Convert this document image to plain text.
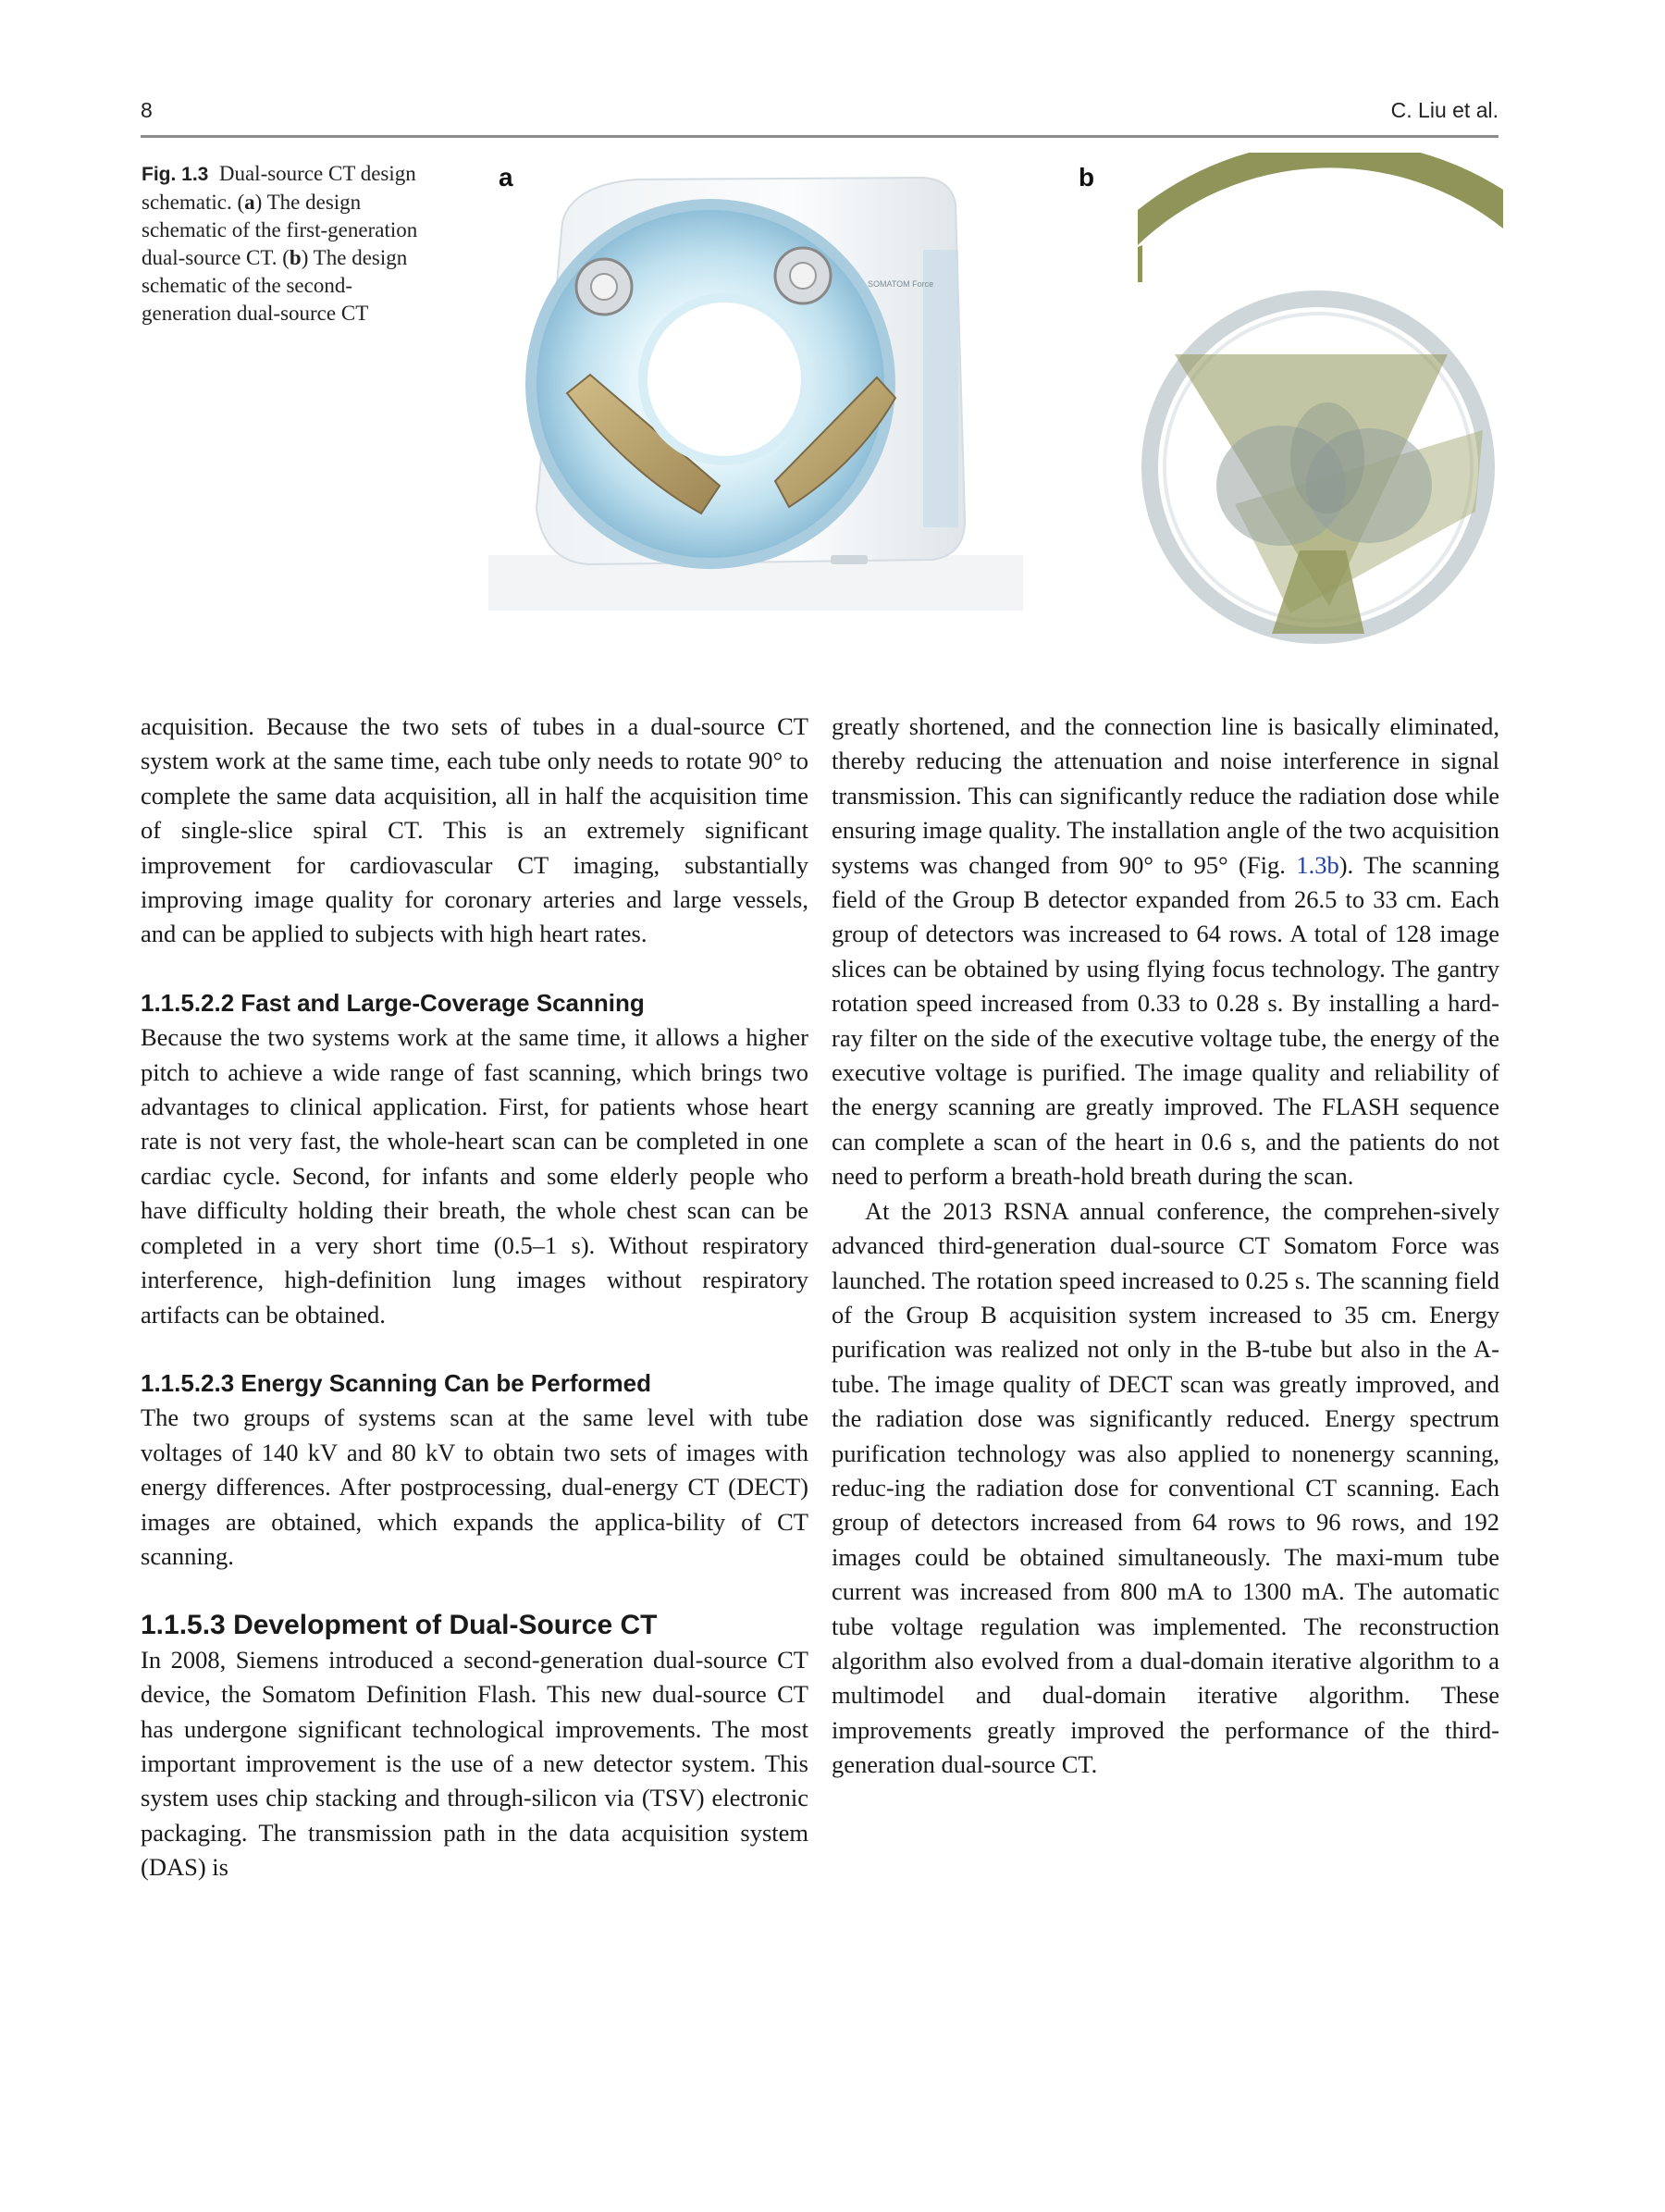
8	C. Liu et al.
Fig. 1.3 Dual-source CT design schematic. (a) The design schematic of the first-generation dual-source CT. (b) The design schematic of the second-generation dual-source CT
a	b
SOMATOM Force
95°

acquisition. Because the two sets of tubes in a dual-source CT system work at the same time, each tube only needs to rotate 90° to complete the same data acquisition, all in half the acquisition time of single-slice spiral CT. This is an extremely significant improvement for cardiovascular CT imaging, substantially improving image quality for coronary arteries and large vessels, and can be applied to subjects with high heart rates.

1.1.5.2.2 Fast and Large-Coverage Scanning

Because the two systems work at the same time, it allows a higher pitch to achieve a wide range of fast scanning, which brings two advantages to clinical application. First, for patients whose heart rate is not very fast, the whole-heart scan can be completed in one cardiac cycle. Second, for infants and some elderly people who have difficulty holding their breath, the whole chest scan can be completed in a very short time (0.5–1 s). Without respiratory interference, high-definition lung images without respiratory artifacts can be obtained.

1.1.5.2.3 Energy Scanning Can be Performed

The two groups of systems scan at the same level with tube voltages of 140 kV and 80 kV to obtain two sets of images with energy differences. After postprocessing, dual-energy CT (DECT) images are obtained, which expands the applica-bility of CT scanning.

1.1.5.3 Development of Dual-Source CT

In 2008, Siemens introduced a second-generation dual-source CT device, the Somatom Definition Flash. This new dual-source CT has undergone significant technological improvements. The most important improvement is the use of a new detector system. This system uses chip stacking and through-silicon via (TSV) electronic packaging. The transmission path in the data acquisition system (DAS) is

greatly shortened, and the connection line is basically eliminated, thereby reducing the attenuation and noise interference in signal transmission. This can significantly reduce the radiation dose while ensuring image quality. The installation angle of the two acquisition systems was changed from 90° to 95° (Fig. 1.3b). The scanning field of the Group B detector expanded from 26.5 to 33 cm. Each group of detectors was increased to 64 rows. A total of 128 image slices can be obtained by using flying focus technology. The gantry rotation speed increased from 0.33 to 0.28 s. By installing a hard-ray filter on the side of the executive voltage tube, the energy of the executive voltage is purified. The image quality and reliability of the energy scanning are greatly improved. The FLASH sequence can complete a scan of the heart in 0.6 s, and the patients do not need to perform a breath-hold breath during the scan.

At the 2013 RSNA annual conference, the comprehen-sively advanced third-generation dual-source CT Somatom Force was launched. The rotation speed increased to 0.25 s. The scanning field of the Group B acquisition system increased to 35 cm. Energy purification was realized not only in the B-tube but also in the A-tube. The image quality of DECT scan was greatly improved, and the radiation dose was significantly reduced. Energy spectrum purification technology was also applied to nonenergy scanning, reduc-ing the radiation dose for conventional CT scanning. Each group of detectors increased from 64 rows to 96 rows, and 192 images could be obtained simultaneously. The maxi-mum tube current was increased from 800 mA to 1300 mA. The automatic tube voltage regulation was implemented. The reconstruction algorithm also evolved from a dual-domain iterative algorithm to a multimodel and dual-domain iterative algorithm. These improvements greatly improved the performance of the third-generation dual-source CT.
